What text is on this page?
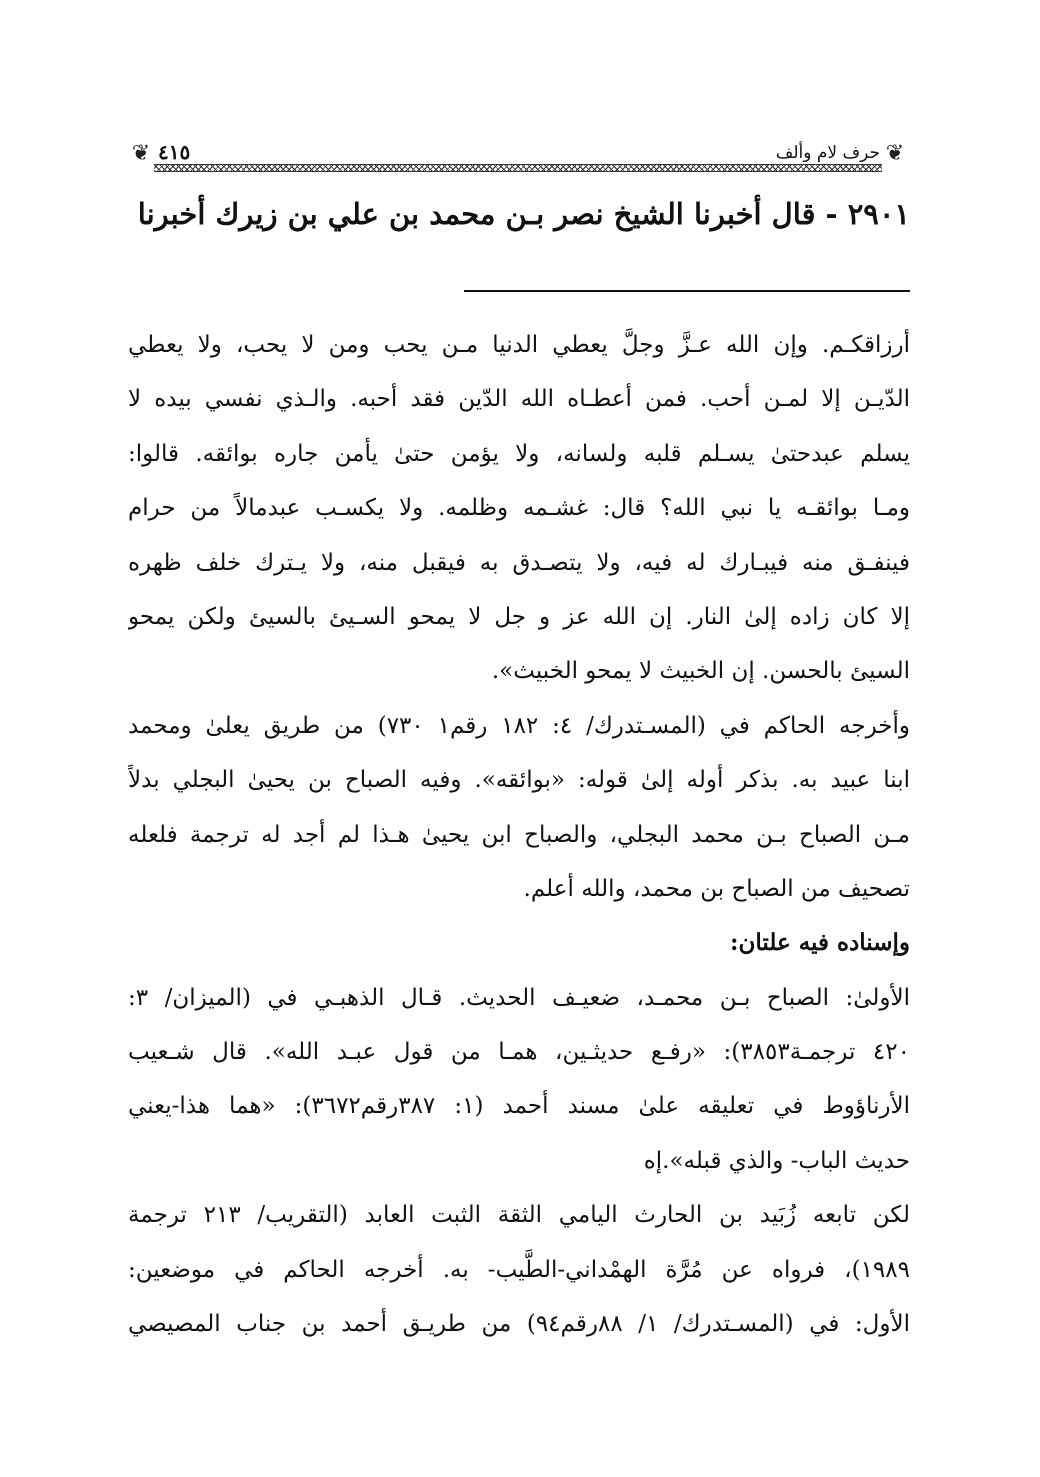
❦
حرف لام وألف
٤١٥
❦
٢٩٠١ - قال أخبرنا الشيخ نصر بـن محمد بن علي بن زيرك أخبرنا
أرزاقكـم. وإن الله عـزَّ وجلَّ يعطي الدنيا مـن يحب ومن لا يحب، ولا يعطي
الدّيـن إلا لمـن أحب. فمن أعطـاه الله الدّين فقد أحبه. والـذي نفسي بيده لا
يسلم عبدحتىٰ يسـلم قلبه ولسانه، ولا يؤمن حتىٰ يأمن جاره بوائقه. قالوا:
ومـا بوائقـه يا نبي الله؟ قال: غشـمه وظلمه. ولا يكسـب عبدمالاً من حرام
فينفـق منه فيبـارك له فيه، ولا يتصـدق به فيقبل منه، ولا يـترك خلف ظهره
إلا كان زاده إلىٰ النار. إن الله عز و جل لا يمحو السـيئ بالسيئ ولكن يمحو
السيئ بالحسن. إن الخبيث لا يمحو الخبيث».
وأخرجه الحاكم في (المسـتدرك/ ٤: ١٨٢ رقم١ ٧٣٠) من طريق يعلىٰ ومحمد
ابنا عبيد به. بذكر أوله إلىٰ قوله: «بوائقه». وفيه الصباح بن يحيىٰ البجلي بدلاً
مـن الصباح بـن محمد البجلي، والصباح ابن يحيىٰ هـذا لم أجد له ترجمة فلعله
تصحيف من الصباح بن محمد، والله أعلم.
وإسناده فيه علتان:
الأولىٰ: الصباح بـن محمـد، ضعيـف الحديث. قـال الذهبـي في (الميزان/ ٣:
٤٢٠ ترجمـة٣٨٥٣): «رفـع حديثـين، همـا من قول عبـد الله». قال شـعيب
الأرناؤوط في تعليقه علىٰ مسند أحمد (١: ٣٨٧رقم٣٦٧٢): «هما هذا-يعني
حديث الباب- والذي قبله».إه
لكن تابعه زُبَيد بن الحارث اليامي الثقة الثبت العابد (التقريب/ ٢١٣ ترجمة
١٩٨٩)، فرواه عن مُرَّة الهمْداني-الطَّيب- به. أخرجه الحاكم في موضعين:
الأول: في (المسـتدرك/ ١/ ٨٨رقم٩٤) من طريـق أحمد بن جناب المصيصي
